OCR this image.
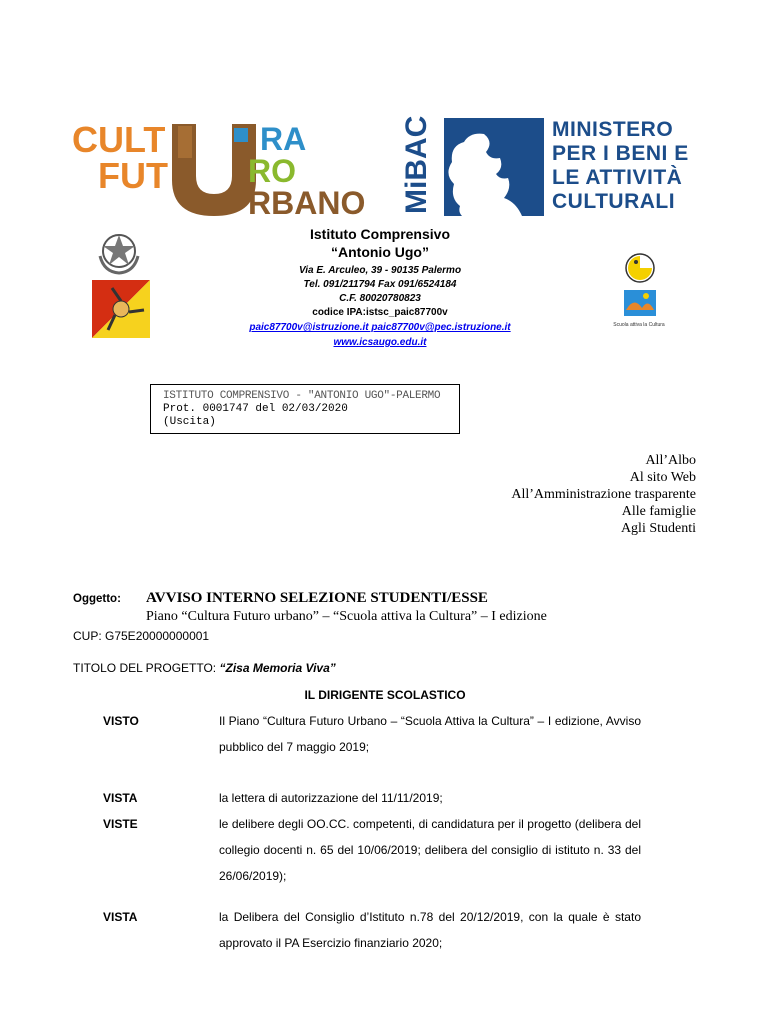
CULT
FUT
RA
RO
RBANO MiBAC	MINISTERO
PER I BENI E
LE ATTIVITÀ
CULTURALI
Scuola attiva la Cultura
Istituto Comprensivo
“Antonio Ugo”
Via E. Arculeo, 39 - 90135 Palermo
Tel. 091/211794 Fax 091/6524184
C.F. 80020780823
codice IPA:istsc_paic87700v
paic87700v@istruzione.it paic87700v@pec.istruzione.it
www.icsaugo.edu.it
ISTITUTO COMPRENSIVO - "ANTONIO UGO"-PALERMO
Prot. 0001747 del 02/03/2020
(Uscita)
All’Albo
Al sito Web
All’Amministrazione trasparente
Alle famiglie
Agli Studenti
Oggetto: AVVISO INTERNO SELEZIONE STUDENTI/ESSE
Piano “Cultura Futuro urbano” – “Scuola attiva la Cultura” – I edizione
CUP: G75E20000000001
TITOLO DEL PROGETTO: “Zisa Memoria Viva”
IL DIRIGENTE SCOLASTICO
VISTO	Il Piano “Cultura Futuro Urbano – “Scuola Attiva la Cultura” – I edizione, Avviso pubblico del 7 maggio 2019;
VISTA	la lettera di autorizzazione del 11/11/2019;
VISTE	le delibere degli OO.CC. competenti, di candidatura per il progetto (delibera del collegio docenti n. 65 del 10/06/2019; delibera del consiglio di istituto n. 33 del 26/06/2019);
VISTA	la Delibera del Consiglio d’Istituto n.78 del 20/12/2019, con la quale è stato approvato il PA Esercizio finanziario 2020;
